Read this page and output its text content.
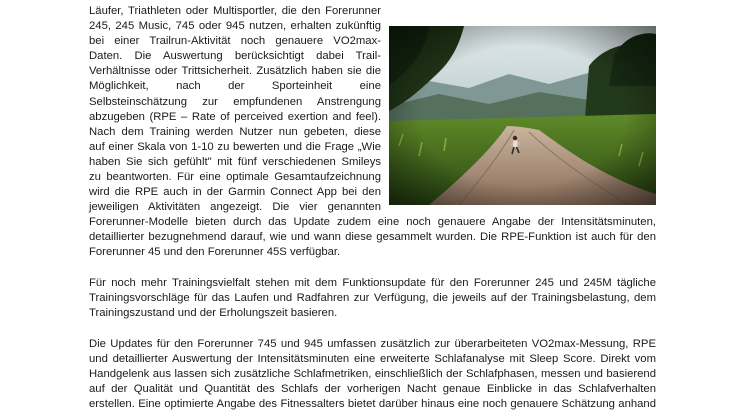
Läufer, Triathleten oder Multisportler, die den Forerunner
245, 245 Music, 745 oder 945 nutzen, erhalten zukünftig
bei einer Trailrun-Aktivität noch genauere VO2max-
Daten. Die Auswertung berücksichtigt dabei Trail-
Verhältnisse oder Trittsicherheit. Zusätzlich haben sie die
Möglichkeit, nach der Sporteinheit eine
Selbsteinschätzung zur empfundenen Anstrengung
abzugeben (RPE – Rate of perceived exertion and feel).
Nach dem Training werden Nutzer nun gebeten, diese
auf einer Skala von 1-10 zu bewerten und die Frage „Wie
haben Sie sich gefühlt" mit fünf verschiedenen Smileys
zu beantworten. Für eine optimale Gesamtaufzeichnung
wird die RPE auch in der Garmin Connect App bei den
jeweiligen Aktivitäten angezeigt. Die vier genannten
Forerunner-Modelle bieten durch das Update zudem eine noch genauere Angabe der Intensitätsminuten,
detaillierter bezugnehmend darauf, wie und wann diese gesammelt wurden. Die RPE-Funktion ist auch für den
Forerunner 45 und den Forerunner 45S verfügbar.
Für noch mehr Trainingsvielfalt stehen mit dem Funktionsupdate für den Forerunner 245 und 245M tägliche
Trainingsvorschläge für das Laufen und Radfahren zur Verfügung, die jeweils auf der Trainingsbelastung, dem
Trainingszustand und der Erholungszeit basieren.
Die Updates für den Forerunner 745 und 945 umfassen zusätzlich zur überarbeiteten VO2max-Messung, RPE
und detaillierter Auswertung der Intensitätsminuten eine erweiterte Schlafanalyse mit Sleep Score. Direkt vom
Handgelenk aus lassen sich zusätzliche Schlafmetriken, einschließlich der Schlafphasen, messen und basierend
auf der Qualität und Quantität des Schlafs der vorherigen Nacht genaue Einblicke in das Schlafverhalten
erstellen. Eine optimierte Angabe des Fitnessalters bietet darüber hinaus eine noch genauere Schätzung anhand
